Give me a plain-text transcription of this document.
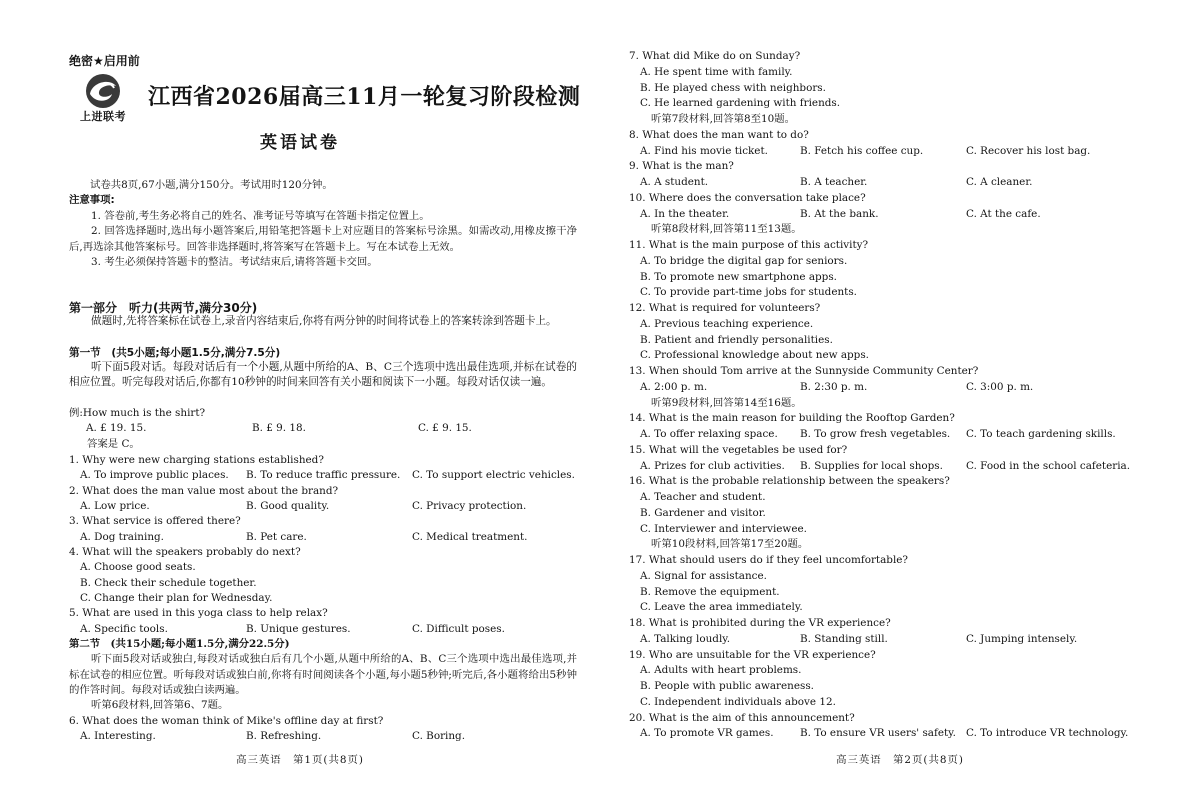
绝密★启用前
上进联考
江西省2026届高三11月一轮复习阶段检测
英语试卷
试卷共8页,67小题,满分150分。考试用时120分钟。
注意事项:
1. 答卷前,考生务必将自己的姓名、准考证号等填写在答题卡指定位置上。
2. 回答选择题时,选出每小题答案后,用铅笔把答题卡上对应题目的答案标号涂黑。如需改动,用橡皮擦干净后,再选涂其他答案标号。回答非选择题时,将答案写在答题卡上。写在本试卷上无效。
3. 考生必须保持答题卡的整洁。考试结束后,请将答题卡交回。
第一部分　听力(共两节,满分30分)
做题时,先将答案标在试卷上,录音内容结束后,你将有两分钟的时间将试卷上的答案转涂到答题卡上。
第一节　(共5小题;每小题1.5分,满分7.5分)
听下面5段对话。每段对话后有一个小题,从题中所给的A、B、C三个选项中选出最佳选项,并标在试卷的相应位置。听完每段对话后,你都有10秒钟的时间来回答有关小题和阅读下一小题。每段对话仅读一遍。
例:How much is the shirt?
A. £ 19. 15.	B. £ 9. 18.	C. £ 9. 15.
答案是 C。
1. Why were new charging stations established?
A. To improve public places.	B. To reduce traffic pressure.	C. To support electric vehicles.
2. What does the man value most about the brand?
A. Low price.	B. Good quality.	C. Privacy protection.
3. What service is offered there?
A. Dog training.	B. Pet care.	C. Medical treatment.
4. What will the speakers probably do next?
A. Choose good seats.
B. Check their schedule together.
C. Change their plan for Wednesday.
5. What are used in this yoga class to help relax?
A. Specific tools.	B. Unique gestures.	C. Difficult poses.
第二节　(共15小题;每小题1.5分,满分22.5分)
听下面5段对话或独白,每段对话或独白后有几个小题,从题中所给的A、B、C三个选项中选出最佳选项,并标在试卷的相应位置。听每段对话或独白前,你将有时间阅读各个小题,每小题5秒钟;听完后,各小题将给出5秒钟的作答时间。每段对话或独白读两遍。
听第6段材料,回答第6、7题。
6. What does the woman think of Mike's offline day at first?
A. Interesting.	B. Refreshing.	C. Boring.
高三英语　第1页(共8页)
7. What did Mike do on Sunday?
A. He spent time with family.
B. He played chess with neighbors.
C. He learned gardening with friends.
听第7段材料,回答第8至10题。
8. What does the man want to do?
A. Find his movie ticket.	B. Fetch his coffee cup.	C. Recover his lost bag.
9. What is the man?
A. A student.	B. A teacher.	C. A cleaner.
10. Where does the conversation take place?
A. In the theater.	B. At the bank.	C. At the cafe.
听第8段材料,回答第11至13题。
11. What is the main purpose of this activity?
A. To bridge the digital gap for seniors.
B. To promote new smartphone apps.
C. To provide part-time jobs for students.
12. What is required for volunteers?
A. Previous teaching experience.
B. Patient and friendly personalities.
C. Professional knowledge about new apps.
13. When should Tom arrive at the Sunnyside Community Center?
A. 2:00 p. m.	B. 2:30 p. m.	C. 3:00 p. m.
听第9段材料,回答第14至16题。
14. What is the main reason for building the Rooftop Garden?
A. To offer relaxing space.	B. To grow fresh vegetables.	C. To teach gardening skills.
15. What will the vegetables be used for?
A. Prizes for club activities.	B. Supplies for local shops.	C. Food in the school cafeteria.
16. What is the probable relationship between the speakers?
A. Teacher and student.
B. Gardener and visitor.
C. Interviewer and interviewee.
听第10段材料,回答第17至20题。
17. What should users do if they feel uncomfortable?
A. Signal for assistance.
B. Remove the equipment.
C. Leave the area immediately.
18. What is prohibited during the VR experience?
A. Talking loudly.	B. Standing still.	C. Jumping intensely.
19. Who are unsuitable for the VR experience?
A. Adults with heart problems.
B. People with public awareness.
C. Independent individuals above 12.
20. What is the aim of this announcement?
A. To promote VR games.	B. To ensure VR users' safety. C. To introduce VR technology.
高三英语　第2页(共8页)
